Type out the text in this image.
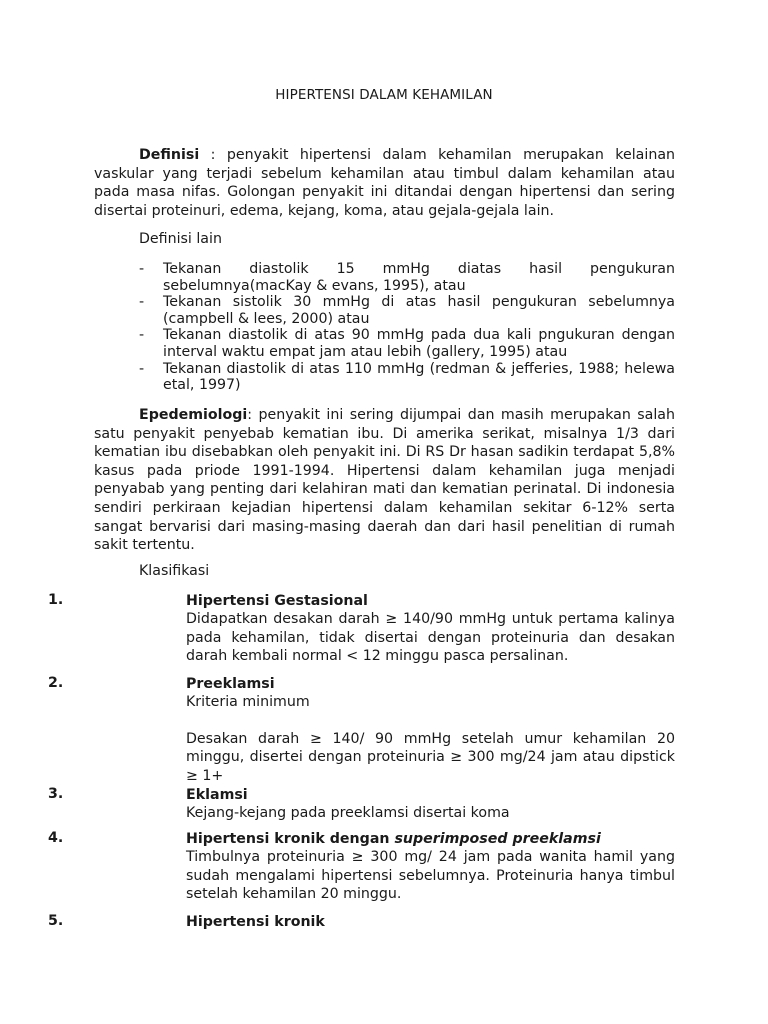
HIPERTENSI DALAM KEHAMILAN
Definisi : penyakit hipertensi dalam kehamilan merupakan kelainan vaskular yang terjadi sebelum kehamilan atau timbul dalam kehamilan atau pada masa nifas. Golongan penyakit ini ditandai dengan hipertensi dan sering disertai proteinuri, edema, kejang, koma, atau gejala-gejala lain.
Definisi lain
- Tekanan diastolik 15 mmHg diatas hasil pengukuran sebelumnya(macKay & evans, 1995), atau
- Tekanan sistolik 30 mmHg di atas hasil pengukuran sebelumnya (campbell & lees, 2000) atau
- Tekanan diastolik di atas 90 mmHg pada dua kali pngukuran dengan interval waktu empat jam atau lebih (gallery, 1995) atau
- Tekanan diastolik di atas 110 mmHg (redman & jefferies, 1988; helewa etal, 1997)
Epedemiologi: penyakit ini sering dijumpai dan masih merupakan salah satu penyakit penyebab kematian ibu. Di amerika serikat, misalnya 1/3 dari kematian ibu disebabkan oleh penyakit ini. Di RS Dr hasan sadikin terdapat 5,8% kasus pada priode 1991-1994. Hipertensi dalam kehamilan juga menjadi penyabab yang penting dari kelahiran mati dan kematian perinatal. Di indonesia sendiri perkiraan kejadian hipertensi dalam kehamilan sekitar 6-12% serta sangat bervarisi dari masing-masing daerah dan dari hasil penelitian di rumah sakit tertentu.
Klasifikasi
1.	Hipertensi Gestasional
Didapatkan desakan darah ≥ 140/90 mmHg untuk pertama kalinya pada kehamilan, tidak disertai dengan proteinuria dan desakan darah kembali normal < 12 minggu pasca persalinan.
2.	Preeklamsi
Kriteria minimum
Desakan darah ≥ 140/ 90 mmHg setelah umur kehamilan 20 minggu, disertei dengan proteinuria ≥ 300 mg/24 jam atau dipstick ≥ 1+
3.	Eklamsi
Kejang-kejang pada preeklamsi disertai koma
4.	Hipertensi kronik dengan superimposed preeklamsi
Timbulnya proteinuria ≥ 300 mg/ 24 jam pada wanita hamil yang sudah mengalami hipertensi sebelumnya. Proteinuria hanya timbul setelah kehamilan 20 minggu.
5.	Hipertensi kronik
